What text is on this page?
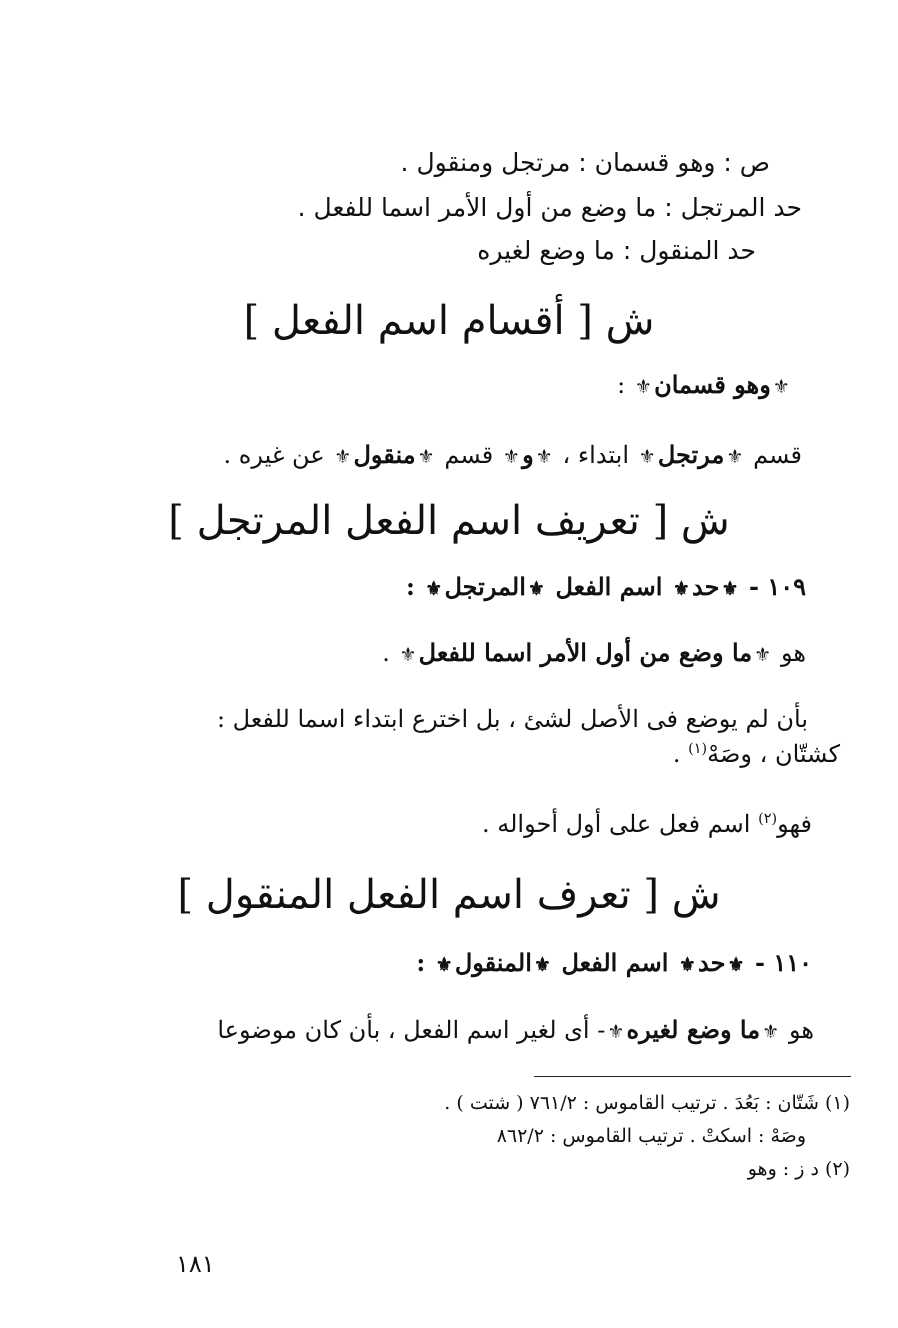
ص : وهو قسمان : مرتجل ومنقول .
حد المرتجل : ما وضع من أول الأمر اسما للفعل .
حد المنقول : ما وضع لغيره
ش [ أقسام اسم الفعل ]
⚜وهو قسمان⚜ :
قسم ⚜مرتجل⚜ ابتداء ، ⚜و⚜ قسم ⚜منقول⚜ عن غيره .
ش [ تعريف اسم الفعل المرتجل ]
١٠٩ - ⚜حد⚜ اسم الفعل ⚜المرتجل⚜ :
هو ⚜ما وضع من أول الأمر اسما للفعل⚜ .
بأن لم يوضع فى الأصل لشئ ، بل اخترع ابتداء اسما للفعل :
كشتّان ، وصَهْ$^{(١)}$ .
فهو$^{(٢)}$ اسم فعل على أول أحواله .
ش [ تعرف اسم الفعل المنقول ]
١١٠ - ⚜حد⚜ اسم الفعل ⚜المنقول⚜ :
هو ⚜ما وضع لغيره⚜- أى لغير اسم الفعل ، بأن كان موضوعا
(١) شَتّان : بَعُدَ . ترتيب القاموس : ٧٦١/٢ ( شتت ) .
وصَهْ : اسكتْ . ترتيب القاموس : ٨٦٢/٢
(٢) د ز : وهو
١٨١
